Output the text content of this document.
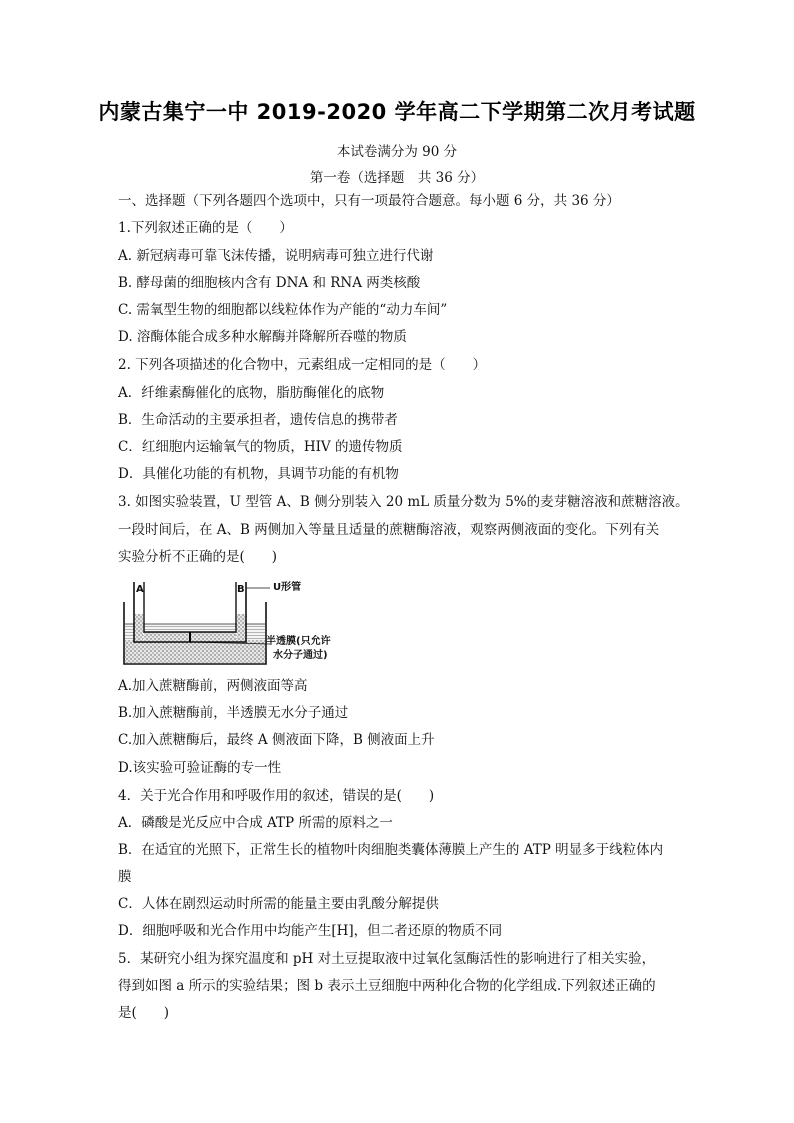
内蒙古集宁一中 2019-2020 学年高二下学期第二次月考试题
本试卷满分为 90 分
第一卷（选择题　共 36 分）
一、选择题（下列各题四个选项中，只有一项最符合题意。每小题 6 分，共 36 分）
1.下列叙述正确的是（　　）
A. 新冠病毒可靠飞沫传播，说明病毒可独立进行代谢
B. 酵母菌的细胞核内含有 DNA 和 RNA 两类核酸
C. 需氧型生物的细胞都以线粒体作为产能的“动力车间”
D. 溶酶体能合成多种水解酶并降解所吞噬的物质
2. 下列各项描述的化合物中，元素组成一定相同的是（　　）
A．纤维素酶催化的底物，脂肪酶催化的底物
B．生命活动的主要承担者，遗传信息的携带者
C．红细胞内运输氧气的物质，HIV 的遗传物质
D．具催化功能的有机物，具调节功能的有机物
3. 如图实验装置，U 型管 A、B 侧分别装入 20 mL 质量分数为 5%的麦芽糖溶液和蔗糖溶液。
一段时间后，在 A、B 两侧加入等量且适量的蔗糖酶溶液，观察两侧液面的变化。下列有关
实验分析不正确的是(　　)
A	B	U形管
半透膜(只允许
水分子通过)
A.加入蔗糖酶前，两侧液面等高
B.加入蔗糖酶前，半透膜无水分子通过
C.加入蔗糖酶后，最终 A 侧液面下降，B 侧液面上升
D.该实验可验证酶的专一性
4．关于光合作用和呼吸作用的叙述，错误的是(　　)
A．磷酸是光反应中合成 ATP 所需的原料之一
B．在适宜的光照下，正常生长的植物叶肉细胞类囊体薄膜上产生的 ATP 明显多于线粒体内
膜
C．人体在剧烈运动时所需的能量主要由乳酸分解提供
D．细胞呼吸和光合作用中均能产生[H]，但二者还原的物质不同
5．某研究小组为探究温度和 pH 对土豆提取液中过氧化氢酶活性的影响进行了相关实验，
得到如图 a 所示的实验结果；图 b 表示土豆细胞中两种化合物的化学组成.下列叙述正确的
是(　　)
